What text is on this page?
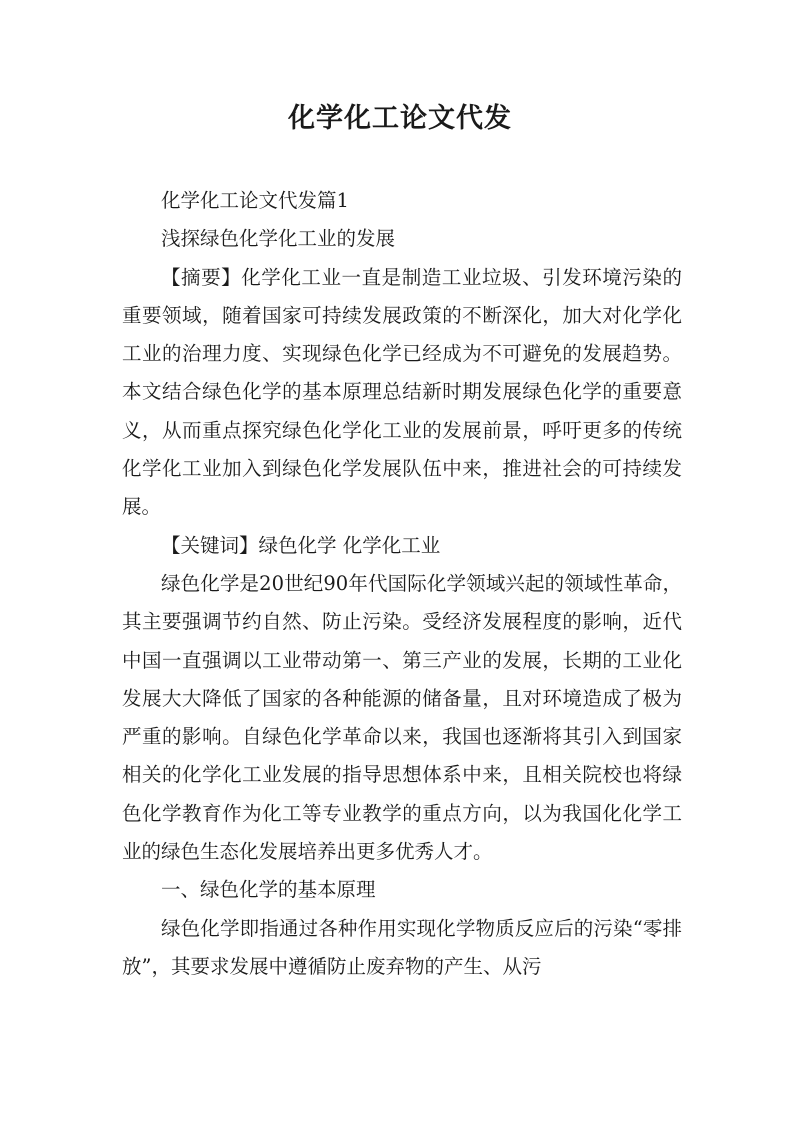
化学化工论文代发

化学化工论文代发篇1

浅探绿色化学化工业的发展

【摘要】化学化工业一直是制造工业垃圾、引发环境污染的重要领域，随着国家可持续发展政策的不断深化，加大对化学化工业的治理力度、实现绿色化学已经成为不可避免的发展趋势。本文结合绿色化学的基本原理总结新时期发展绿色化学的重要意义，从而重点探究绿色化学化工业的发展前景，呼吁更多的传统化学化工业加入到绿色化学发展队伍中来，推进社会的可持续发展。

【关键词】绿色化学 化学化工业

绿色化学是20世纪90年代国际化学领域兴起的领域性革命，其主要强调节约自然、防止污染。受经济发展程度的影响，近代中国一直强调以工业带动第一、第三产业的发展，长期的工业化发展大大降低了国家的各种能源的储备量，且对环境造成了极为严重的影响。自绿色化学革命以来，我国也逐渐将其引入到国家相关的化学化工业发展的指导思想体系中来，且相关院校也将绿色化学教育作为化工等专业教学的重点方向，以为我国化化学工业的绿色生态化发展培养出更多优秀人才。

一、绿色化学的基本原理

绿色化学即指通过各种作用实现化学物质反应后的污染“零排放”，其要求发展中遵循防止废弃物的产生、从污
